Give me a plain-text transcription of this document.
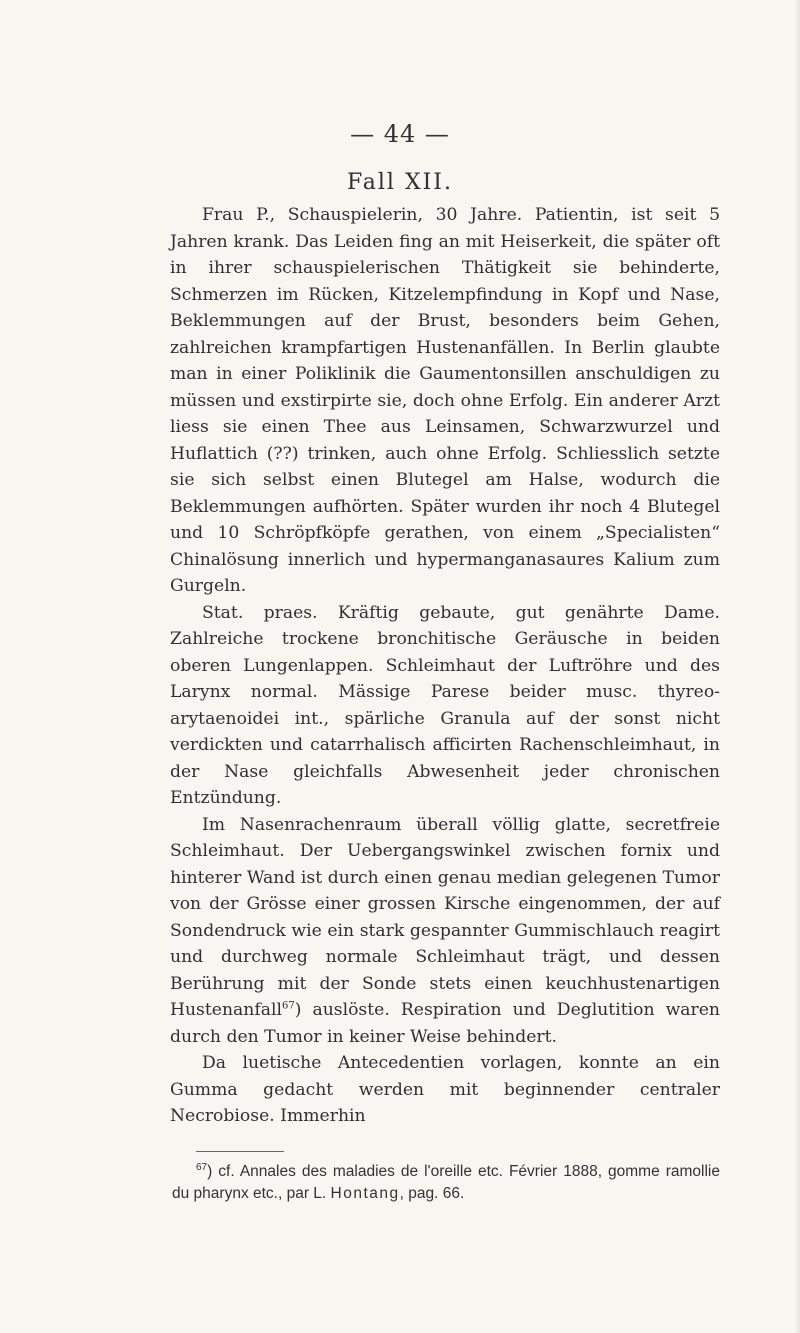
— 44 —
Fall XII.

Frau P., Schauspielerin, 30 Jahre. Patientin, ist seit 5 Jahren krank. Das Leiden fing an mit Heiserkeit, die später oft in ihrer schauspielerischen Thätigkeit sie behinderte, Schmerzen im Rücken, Kitzelempfindung in Kopf und Nase, Beklemmungen auf der Brust, besonders beim Gehen, zahlreichen krampfartigen Hustenanfällen. In Berlin glaubte man in einer Poliklinik die Gaumentonsillen anschuldigen zu müssen und exstirpirte sie, doch ohne Erfolg. Ein anderer Arzt liess sie einen Thee aus Leinsamen, Schwarzwurzel und Huflattich (??) trinken, auch ohne Erfolg. Schliesslich setzte sie sich selbst einen Blutegel am Halse, wodurch die Beklemmungen aufhörten. Später wurden ihr noch 4 Blutegel und 10 Schröpfköpfe gerathen, von einem „Specialisten“ Chinalösung innerlich und hypermanganasaures Kalium zum Gurgeln.

Stat. praes. Kräftig gebaute, gut genährte Dame. Zahlreiche trockene bronchitische Geräusche in beiden oberen Lungenlappen. Schleimhaut der Luftröhre und des Larynx normal. Mässige Parese beider musc. thyreo-arytaenoidei int., spärliche Granula auf der sonst nicht verdickten und catarrhalisch afficirten Rachenschleimhaut, in der Nase gleichfalls Abwesenheit jeder chronischen Entzündung.

Im Nasenrachenraum überall völlig glatte, secretfreie Schleimhaut. Der Uebergangswinkel zwischen fornix und hinterer Wand ist durch einen genau median gelegenen Tumor von der Grösse einer grossen Kirsche eingenommen, der auf Sondendruck wie ein stark gespannter Gummischlauch reagirt und durchweg normale Schleimhaut trägt, und dessen Berührung mit der Sonde stets einen keuchhustenartigen Hustenanfall$^{67}$) auslöste. Respiration und Deglutition waren durch den Tumor in keiner Weise behindert.

Da luetische Antecedentien vorlagen, konnte an ein Gumma gedacht werden mit beginnender centraler Necrobiose. Immerhin

$^{67}$) cf. Annales des maladies de l'oreille etc. Février 1888, gomme ramollie du pharynx etc., par L. Hontang, pag. 66.
